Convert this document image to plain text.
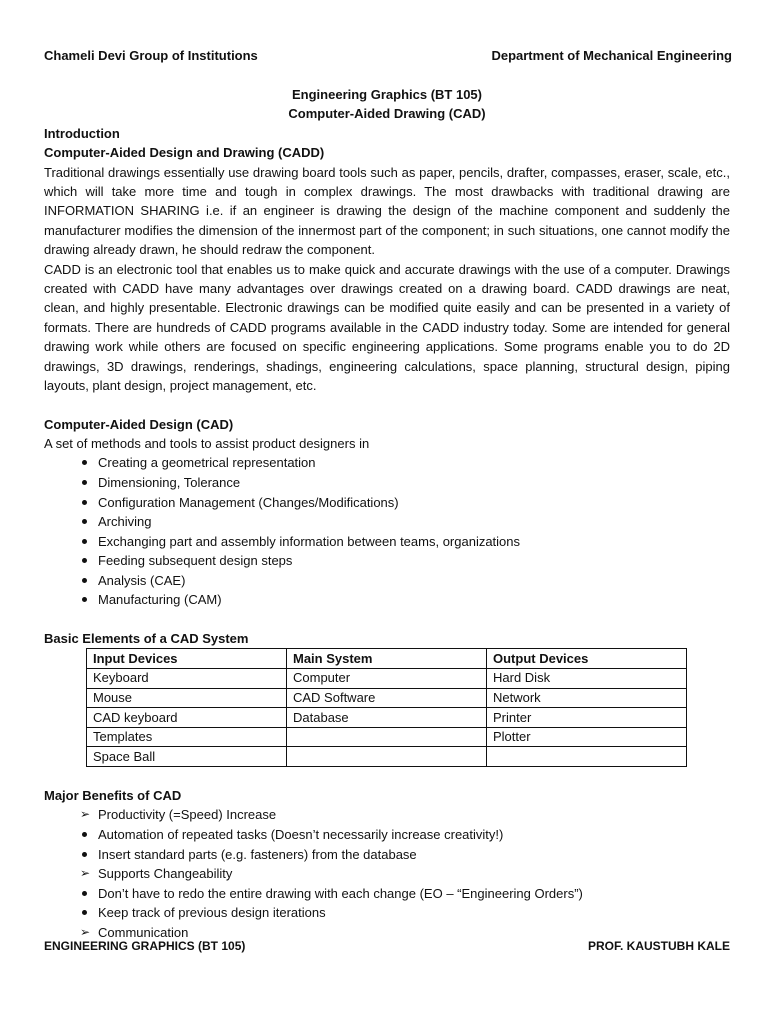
Chameli Devi Group of Institutions	Department of Mechanical Engineering
Engineering Graphics (BT 105)
Computer-Aided Drawing (CAD)
Introduction
Computer-Aided Design and Drawing (CADD)

Traditional drawings essentially use drawing board tools such as paper, pencils, drafter, compasses, eraser, scale, etc., which will take more time and tough in complex drawings. The most drawbacks with traditional drawing are INFORMATION SHARING i.e. if an engineer is drawing the design of the machine component and suddenly the manufacturer modifies the dimension of the innermost part of the component; in such situations, one cannot modify the drawing already drawn, he should redraw the component.

CADD is an electronic tool that enables us to make quick and accurate drawings with the use of a computer. Drawings created with CADD have many advantages over drawings created on a drawing board. CADD drawings are neat, clean, and highly presentable. Electronic drawings can be modified quite easily and can be presented in a variety of formats. There are hundreds of CADD programs available in the CADD industry today. Some are intended for general drawing work while others are focused on specific engineering applications. Some programs enable you to do 2D drawings, 3D drawings, renderings, shadings, engineering calculations, space planning, structural design, piping layouts, plant design, project management, etc.

Computer-Aided Design (CAD)
A set of methods and tools to assist product designers in
Creating a geometrical representation
Dimensioning, Tolerance
Configuration Management (Changes/Modifications)
Archiving
Exchanging part and assembly information between teams, organizations
Feeding subsequent design steps
Analysis (CAE)
Manufacturing (CAM)
Basic Elements of a CAD System
Input Devices	Main System	Output Devices
Keyboard	Computer	Hard Disk
Mouse	CAD Software	Network
CAD keyboard	Database	Printer
Templates		Plotter
Space Ball		
Major Benefits of CAD
➢ Productivity (=Speed) Increase
Automation of repeated tasks (Doesn’t necessarily increase creativity!)
Insert standard parts (e.g. fasteners) from the database
➢ Supports Changeability
Don’t have to redo the entire drawing with each change (EO – “Engineering Orders”)
Keep track of previous design iterations
➢ Communication
ENGINEERING GRAPHICS (BT 105)	PROF. KAUSTUBH KALE
